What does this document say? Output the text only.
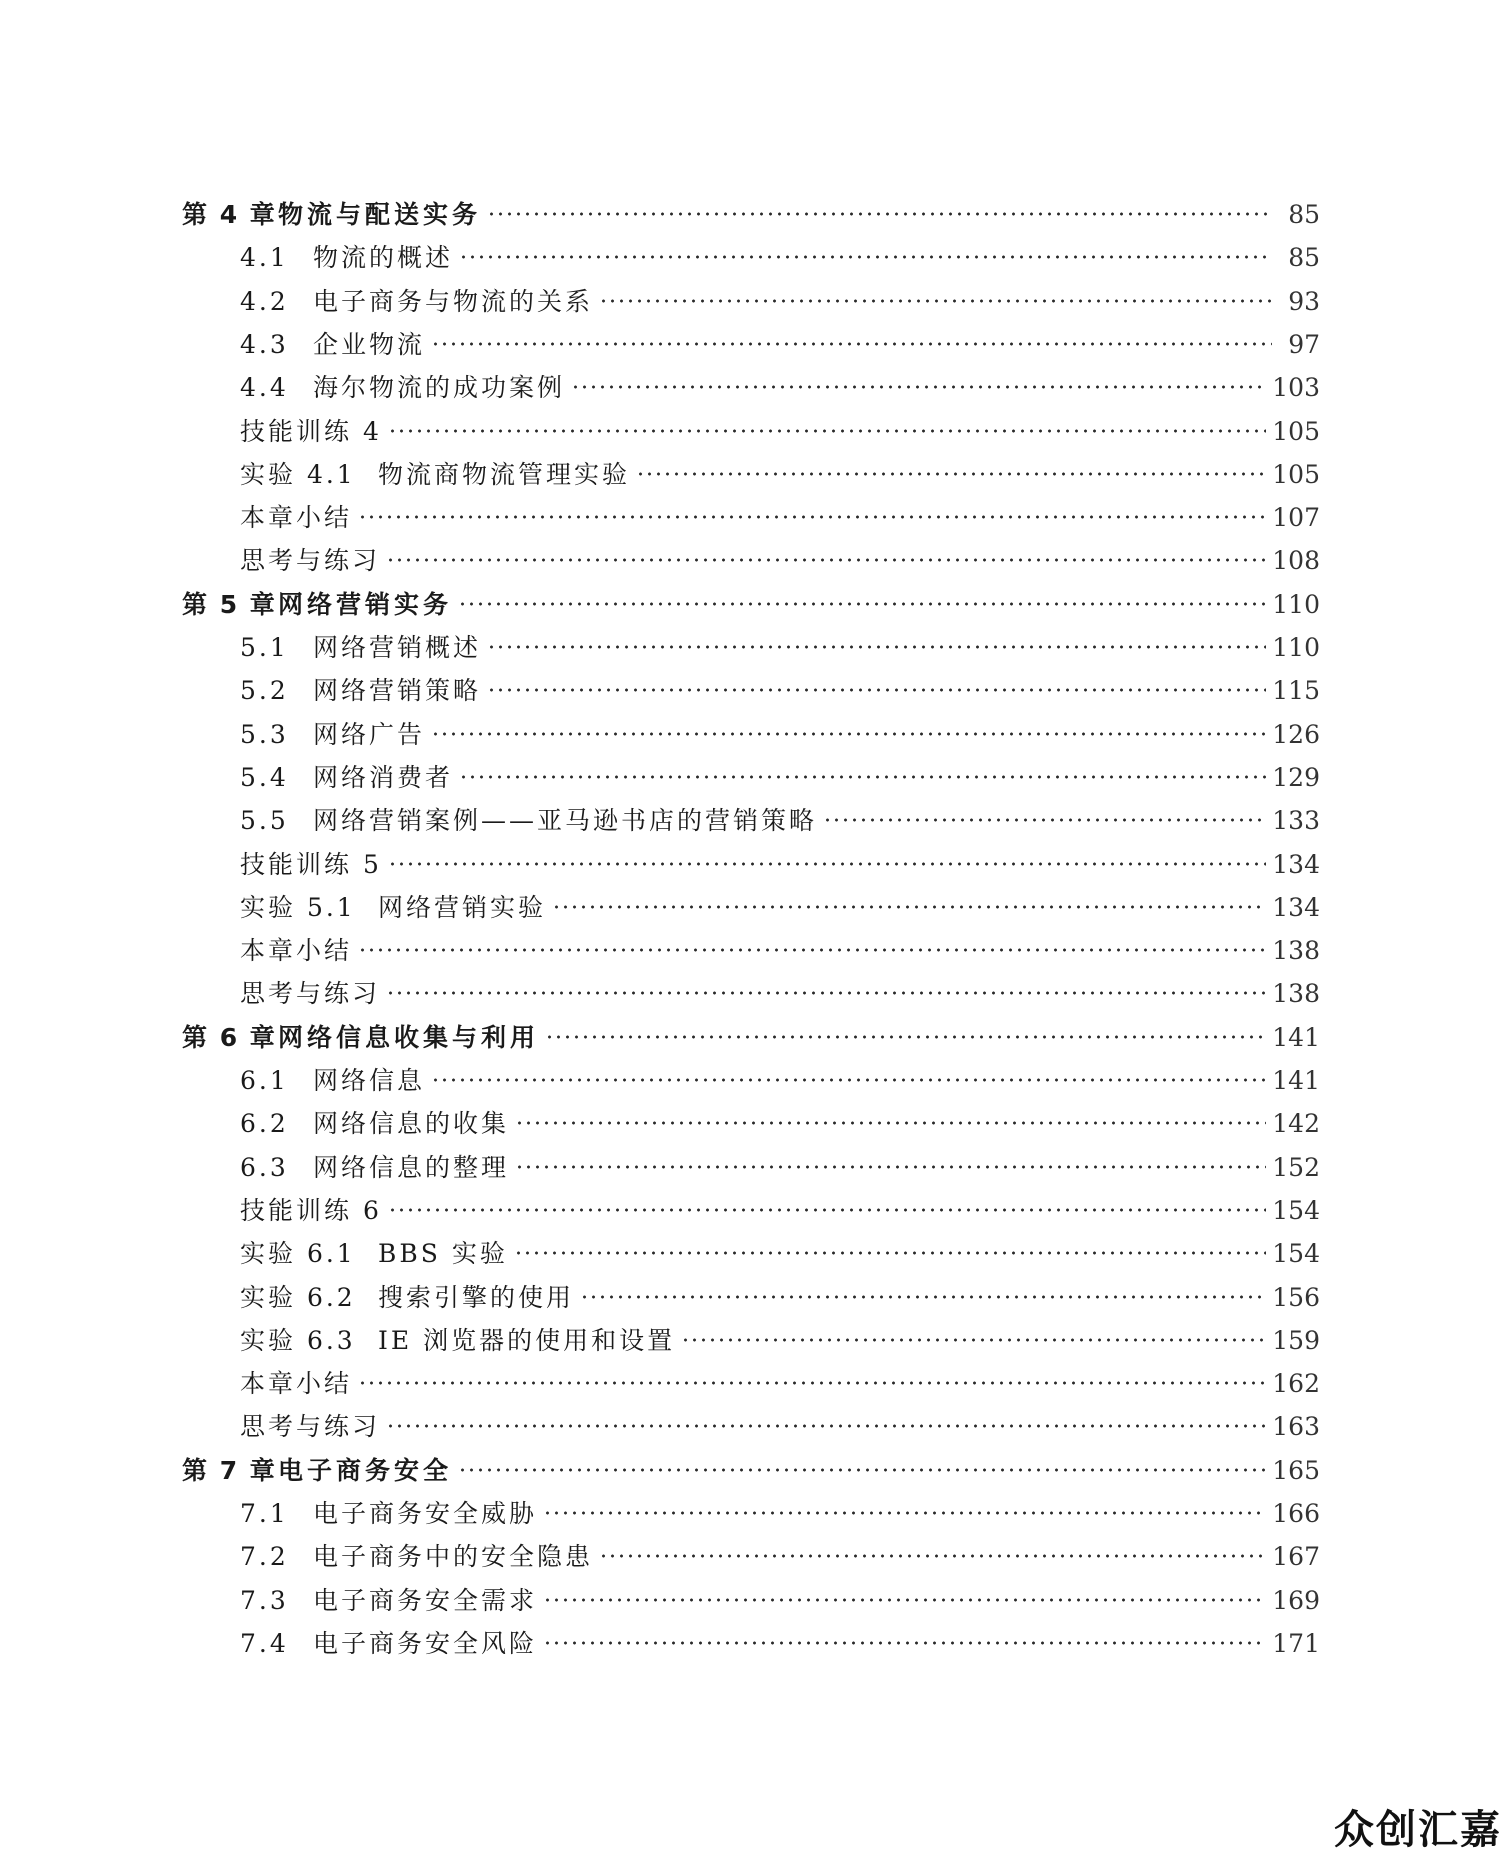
第 4 章 物流与配送实务	85
4.1 物流的概述	85
4.2 电子商务与物流的关系	93
4.3 企业物流	97
4.4 海尔物流的成功案例	103
技能训练 4	105
实验 4.1 物流商物流管理实验	105
本章小结	107
思考与练习	108
第 5 章 网络营销实务	110
5.1 网络营销概述	110
5.2 网络营销策略	115
5.3 网络广告	126
5.4 网络消费者	129
5.5 网络营销案例——亚马逊书店的营销策略	133
技能训练 5	134
实验 5.1 网络营销实验	134
本章小结	138
思考与练习	138
第 6 章 网络信息收集与利用	141
6.1 网络信息	141
6.2 网络信息的收集	142
6.3 网络信息的整理	152
技能训练 6	154
实验 6.1 BBS 实验	154
实验 6.2 搜索引擎的使用	156
实验 6.3 IE 浏览器的使用和设置	159
本章小结	162
思考与练习	163
第 7 章 电子商务安全	165
7.1 电子商务安全威胁	166
7.2 电子商务中的安全隐患	167
7.3 电子商务安全需求	169
7.4 电子商务安全风险	171
众创汇嘉
